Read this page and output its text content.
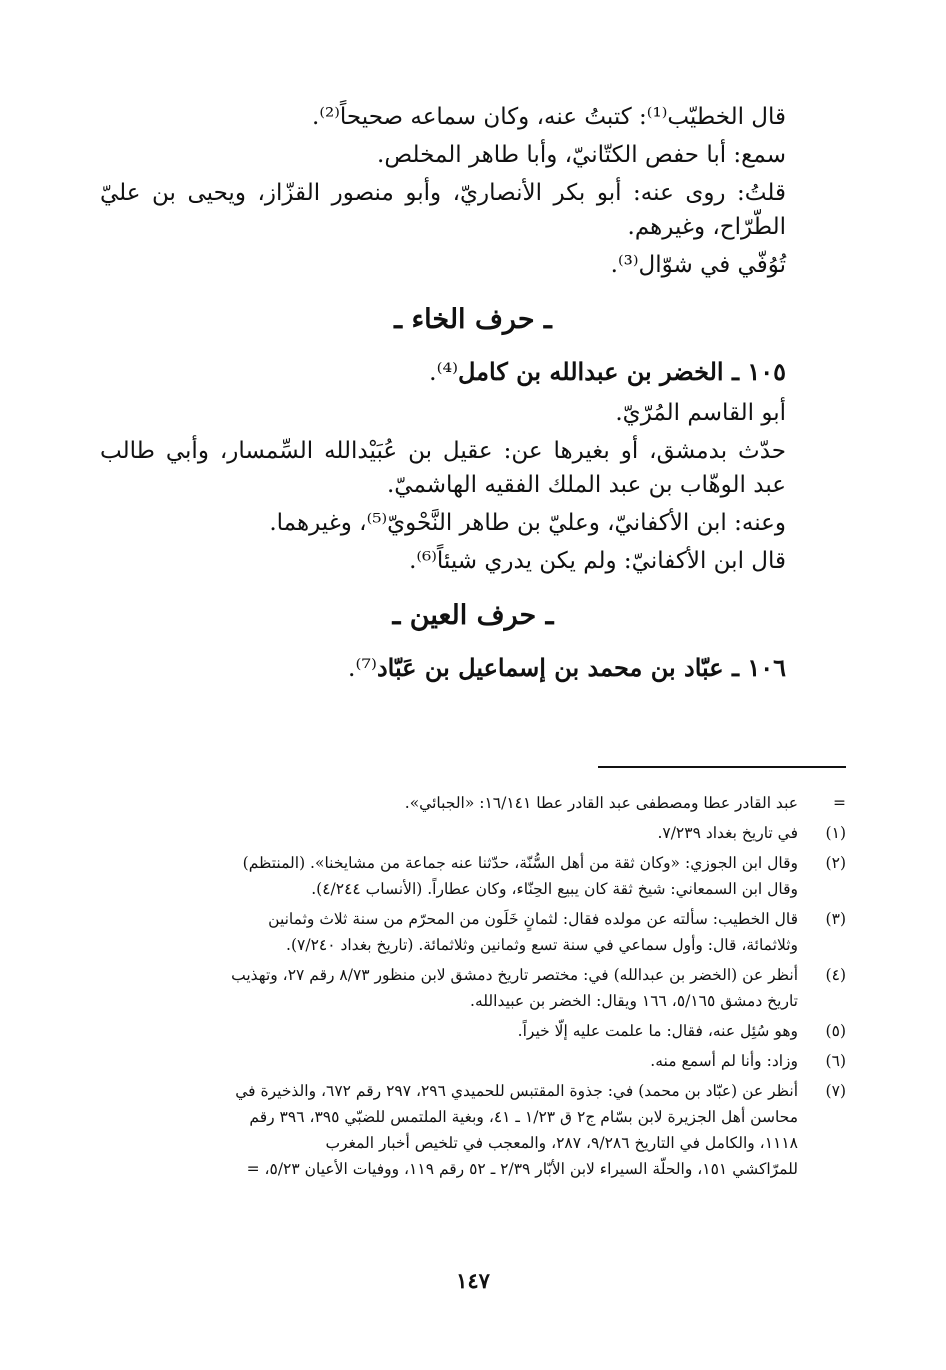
قال الخطيّب⁽¹⁾: كتبتُ عنه، وكان سماعه صحيحاً⁽²⁾.

سمع: أبا حفص الكتّانيّ، وأبا طاهر المخلص.

قلتُ: روى عنه: أبو بكر الأنصاريّ، وأبو منصور القزّاز، ويحيى بن عليّ الطّرّاح، وغيرهم.

تُوُفّي في شوّال⁽³⁾.

ـ حرف الخاء ـ
١٠٥ ـ الخضر بن عبدالله بن كامل⁽⁴⁾.

أبو القاسم المُرّيّ.

حدّث بدمشق، أو بغيرها عن: عقيل بن عُبَيْدالله السِّمسار، وأبي طالب عبد الوهّاب بن عبد الملك الفقيه الهاشميّ.

وعنه: ابن الأكفانيّ، وعليّ بن طاهر النَّحْويّ⁽⁵⁾، وغيرهما.

قال ابن الأكفانيّ: ولم يكن يدري شيئاً⁽⁶⁾.

ـ حرف العين ـ
١٠٦ ـ عبّاد بن محمد بن إسماعيل بن عَبّاد⁽⁷⁾.
=
عبد القادر عطا ومصطفى عبد القادر عطا ١٦/١٤١: «الجبائي».
(١)
في تاريخ بغداد ٧/٢٣٩.
(٢)
وقال ابن الجوزي: «وكان ثقة من أهل السُّنّة، حدّثنا عنه جماعة من مشايخنا». (المنتظم)
وقال ابن السمعاني: شيخ ثقة كان يبيع الحِنّاء، وكان عطاراً. (الأنساب ٤/٢٤٤).
(٣)
قال الخطيب: سألته عن مولده فقال: لثمانٍ خَلَون من المحرّم من سنة ثلاث وثمانين
وثلاثمائة، قال: وأول سماعي في سنة تسع وثمانين وثلاثمائة. (تاريخ بغداد ٧/٢٤٠).
(٤)
أنظر عن (الخضر بن عبدالله) في: مختصر تاريخ دمشق لابن منظور ٨/٧٣ رقم ٢٧، وتهذيب
تاريخ دمشق ٥/١٦٥، ١٦٦ ويقال: الخضر بن عبيدالله.
(٥)
وهو سُئِل عنه، فقال: ما علمت عليه إلّا خيراً.
(٦)
وزاد: وأنا لم أسمع منه.
(٧)
أنظر عن (عبّاد بن محمد) في: جذوة المقتبس للحميدي ٢٩٦، ٢٩٧ رقم ٦٧٢، والذخيرة في
محاسن أهل الجزيرة لابن بسّام ج٢ ق ١/٢٣ ـ ٤١، وبغية الملتمس للضبّي ٣٩٥، ٣٩٦ رقم
١١١٨، والكامل في التاريخ ٩/٢٨٦، ٢٨٧، والمعجب في تلخيص أخبار المغرب
للمرّاكشي ١٥١، والحلّة السيراء لابن الأبّار ٢/٣٩ ـ ٥٢ رقم ١١٩، ووفيات الأعيان ٥/٢٣، =
١٤٧
